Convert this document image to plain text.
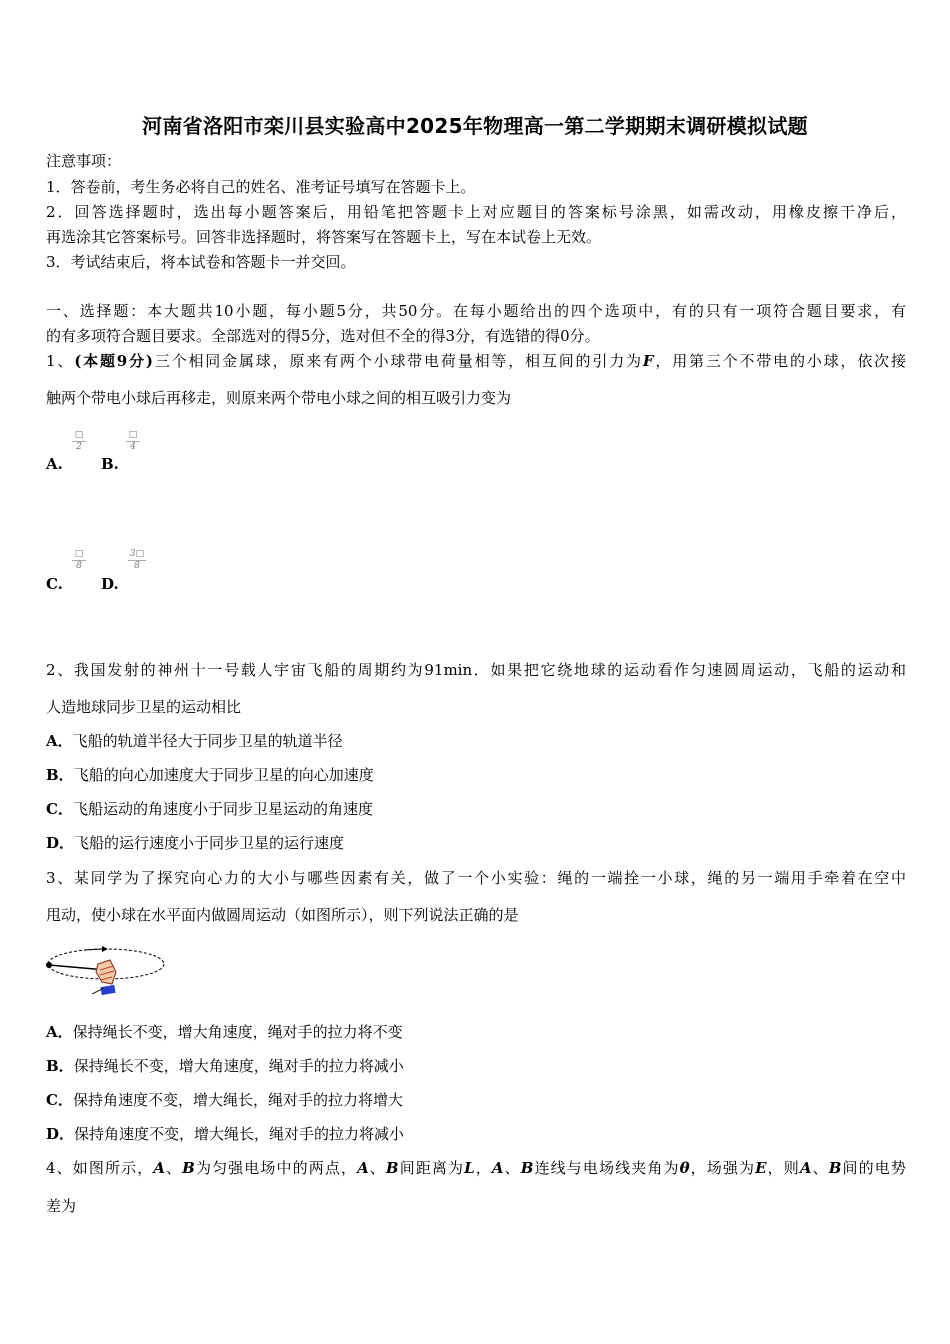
河南省洛阳市栾川县实验高中2025年物理高一第二学期期末调研模拟试题
注意事项：
1．答卷前，考生务必将自己的姓名、准考证号填写在答题卡上。
2．回答选择题时，选出每小题答案后，用铅笔把答题卡上对应题目的答案标号涂黑，如需改动，用橡皮擦干净后，
再选涂其它答案标号。回答非选择题时，将答案写在答题卡上，写在本试卷上无效。
3．考试结束后，将本试卷和答题卡一并交回。
一、选择题：本大题共10小题，每小题5分，共50分。在每小题给出的四个选项中，有的只有一项符合题目要求，有
的有多项符合题目要求。全部选对的得5分，选对但不全的得3分，有选错的得0分。
1、(本题9分)三个相同金属球，原来有两个小球带电荷量相等，相互间的引力为F，用第三个不带电的小球，依次接
触两个带电小球后再移走，则原来两个带电小球之间的相互吸引力变为
A.
□
2
B.
□
4
C.
□
8
D.
$\frac{3□}{8}$
2、我国发射的神州十一号载人宇宙飞船的周期约为91min．如果把它绕地球的运动看作匀速圆周运动，飞船的运动和
人造地球同步卫星的运动相比
A．飞船的轨道半径大于同步卫星的轨道半径
B．飞船的向心加速度大于同步卫星的向心加速度
C．飞船运动的角速度小于同步卫星运动的角速度
D．飞船的运行速度小于同步卫星的运行速度
3、某同学为了探究向心力的大小与哪些因素有关，做了一个小实验：绳的一端拴一小球，绳的另一端用手牵着在空中
甩动，使小球在水平面内做圆周运动（如图所示），则下列说法正确的是
A．保持绳长不变，增大角速度，绳对手的拉力将不变
B．保持绳长不变，增大角速度，绳对手的拉力将减小
C．保持角速度不变，增大绳长，绳对手的拉力将增大
D．保持角速度不变，增大绳长，绳对手的拉力将减小
4、如图所示，A、B为匀强电场中的两点，A、B间距离为L，A、B连线与电场线夹角为θ，场强为E，则A、B间的电势
差为
